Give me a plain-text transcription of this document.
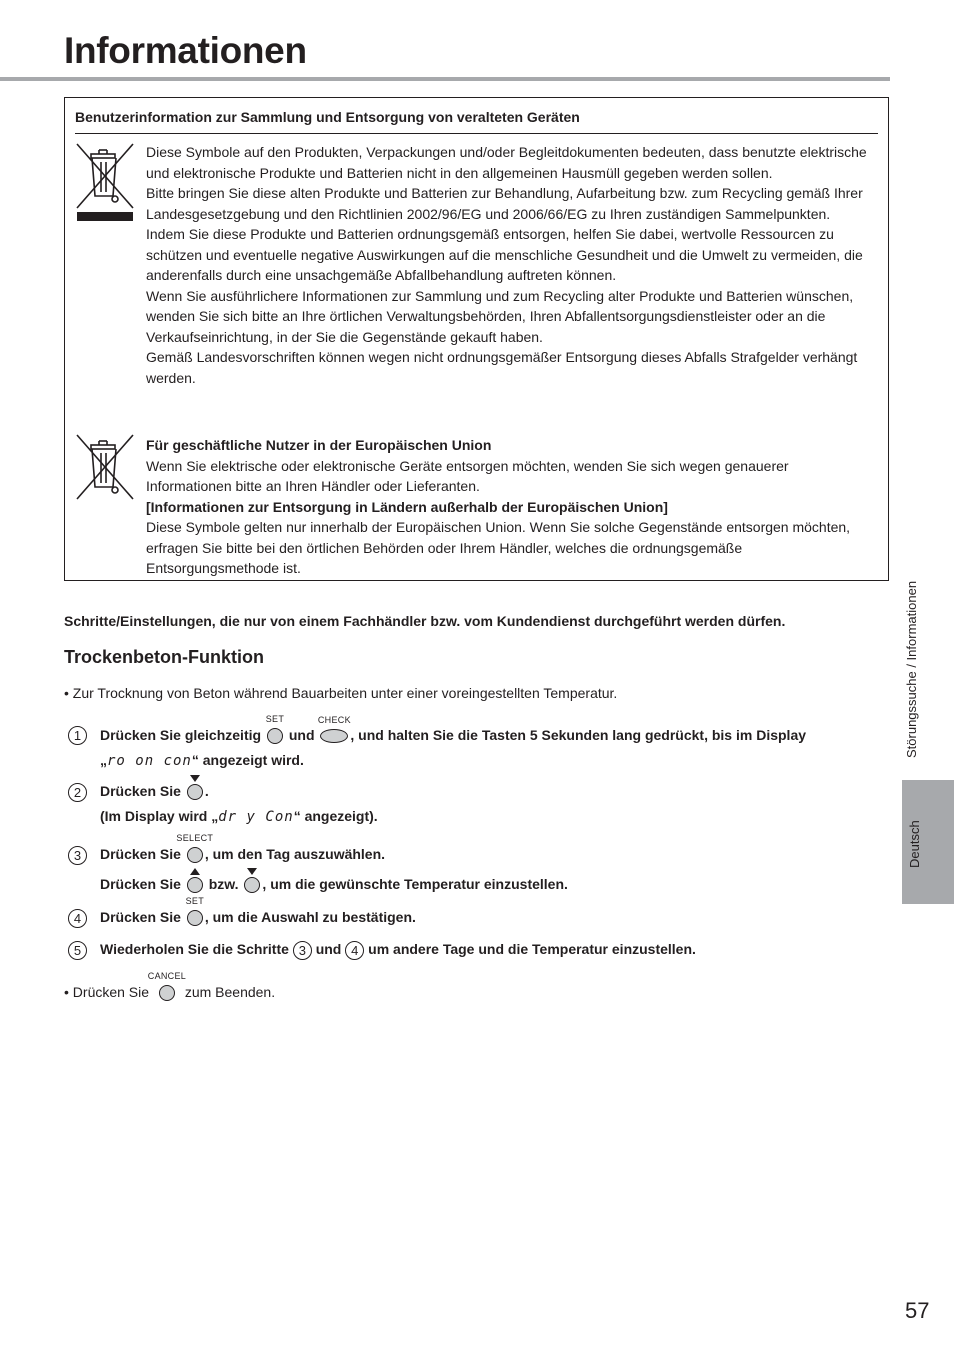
Informationen
Benutzerinformation zur Sammlung und Entsorgung von veralteten Geräten
Diese Symbole auf den Produkten, Verpackungen und/oder Begleitdokumenten bedeuten, dass benutzte elektrische und elektronische Produkte und Batterien nicht in den allgemeinen Hausmüll gegeben werden sollen.
Bitte bringen Sie diese alten Produkte und Batterien zur Behandlung, Aufarbeitung bzw. zum Recycling gemäß Ihrer Landesgesetzgebung und den Richtlinien 2002/96/EG und 2006/66/EG zu Ihren zuständigen Sammelpunkten.
Indem Sie diese Produkte und Batterien ordnungsgemäß entsorgen, helfen Sie dabei, wertvolle Ressourcen zu schützen und eventuelle negative Auswirkungen auf die menschliche Gesundheit und die Umwelt zu vermeiden, die anderenfalls durch eine unsachgemäße Abfallbehandlung auftreten können.
Wenn Sie ausführlichere Informationen zur Sammlung und zum Recycling alter Produkte und Batterien wünschen, wenden Sie sich bitte an Ihre örtlichen Verwaltungsbehörden, Ihren Abfallentsorgungsdienstleister oder an die Verkaufseinrichtung, in der Sie die Gegenstände gekauft haben.
Gemäß Landesvorschriften können wegen nicht ordnungsgemäßer Entsorgung dieses Abfalls Strafgelder verhängt werden.
Für geschäftliche Nutzer in der Europäischen Union
Wenn Sie elektrische oder elektronische Geräte entsorgen möchten, wenden Sie sich wegen genauerer Informationen bitte an Ihren Händler oder Lieferanten.
[Informationen zur Entsorgung in Ländern außerhalb der Europäischen Union]
Diese Symbole gelten nur innerhalb der Europäischen Union. Wenn Sie solche Gegenstände entsorgen möchten, erfragen Sie bitte bei den örtlichen Behörden oder Ihrem Händler, welches die ordnungsgemäße Entsorgungsmethode ist.
Schritte/Einstellungen, die nur von einem Fachhändler bzw. vom Kundendienst durchgeführt werden dürfen.
Trockenbeton-Funktion
• Zur Trocknung von Beton während Bauarbeiten unter einer voreingestellten Temperatur.
1	Drücken Sie gleichzeitig
SET
und
CHECK
, und halten Sie die Tasten 5 Sekunden lang gedrückt, bis im Display
„ro on con“ angezeigt wird.
2	Drücken Sie .
(Im Display wird „dr y Con“ angezeigt).
3	Drücken Sie
SELECT
, um den Tag auszuwählen.
Drücken Sie bzw. , um die gewünschte Temperatur einzustellen.
4	Drücken Sie
SET
, um die Auswahl zu bestätigen.
5	Wiederholen Sie die Schritte 3 und 4 um andere Tage und die Temperatur einzustellen.
• Drücken Sie
CANCEL
zum Beenden.
Störungssuche / Informationen
Deutsch
57
